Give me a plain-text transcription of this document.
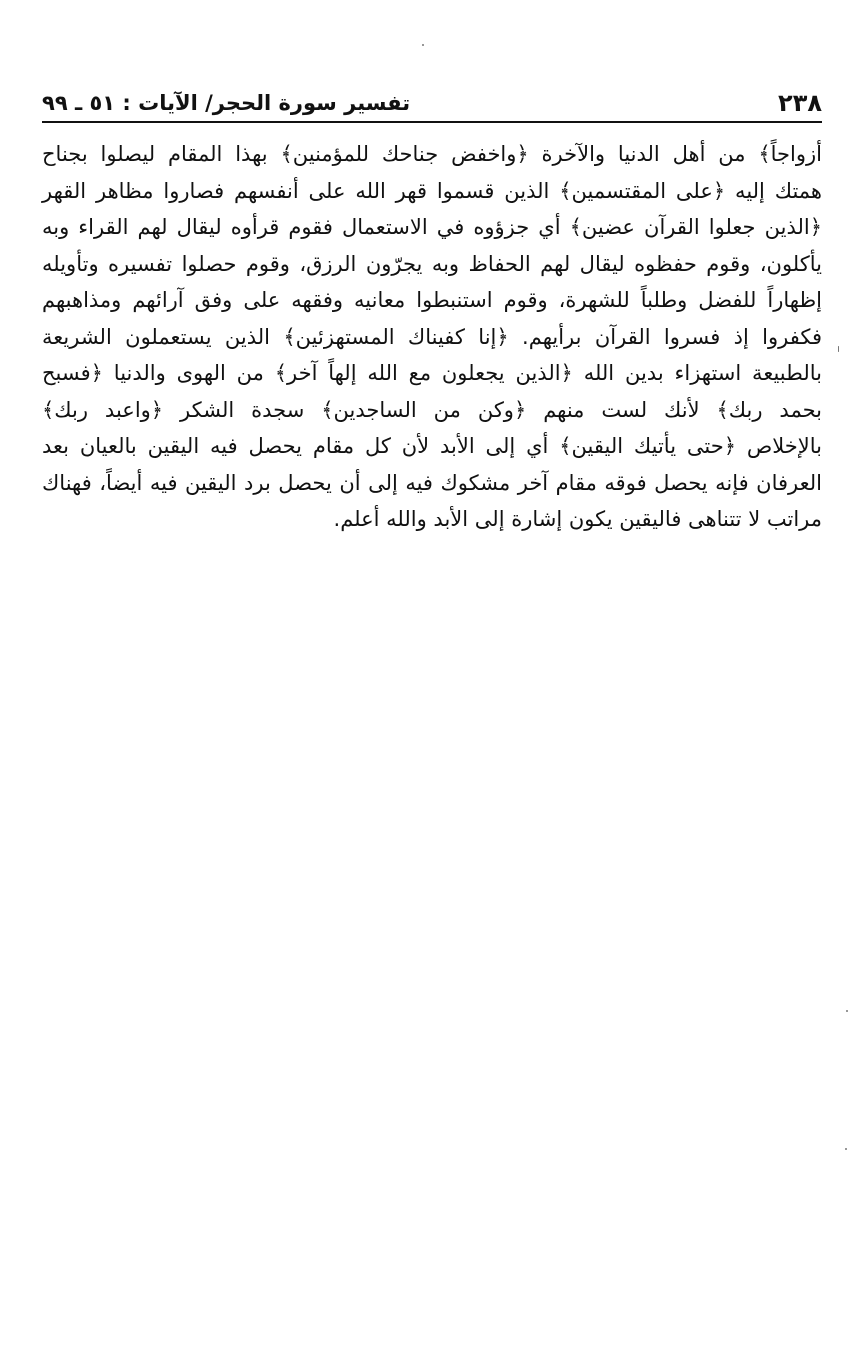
٢٣٨
تفسير سورة الحجر/ الآيات : ٥١ ـ ٩٩
أزواجاً﴾ من أهل الدنيا والآخرة ﴿واخفض جناحك للمؤمنين﴾ بهذا المقام ليصلوا بجناح
همتك إليه ﴿على المقتسمين﴾ الذين قسموا قهر الله على أنفسهم فصاروا مظاهر القهر
﴿الذين جعلوا القرآن عضين﴾ أي جزؤوه في الاستعمال فقوم قرأوه ليقال لهم القراء وبه
يأكلون، وقوم حفظوه ليقال لهم الحفاظ وبه يجرّون الرزق، وقوم حصلوا تفسيره وتأويله
إظهاراً للفضل وطلباً للشهرة، وقوم استنبطوا معانيه وفقهه على وفق آرائهم ومذاهبهم
فكفروا إذ فسروا القرآن برأيهم. ﴿إنا كفيناك المستهزئين﴾ الذين يستعملون الشريعة
بالطبيعة استهزاء بدين الله ﴿الذين يجعلون مع الله إلهاً آخر﴾ من الهوى والدنيا ﴿فسبح
بحمد ربك﴾ لأنك لست منهم ﴿وكن من الساجدين﴾ سجدة الشكر ﴿واعبد ربك﴾
بالإخلاص ﴿حتى يأتيك اليقين﴾ أي إلى الأبد لأن كل مقام يحصل فيه اليقين بالعيان بعد
العرفان فإنه يحصل فوقه مقام آخر مشكوك فيه إلى أن يحصل برد اليقين فيه أيضاً، فهناك
مراتب لا تتناهى فاليقين يكون إشارة إلى الأبد والله أعلم.
